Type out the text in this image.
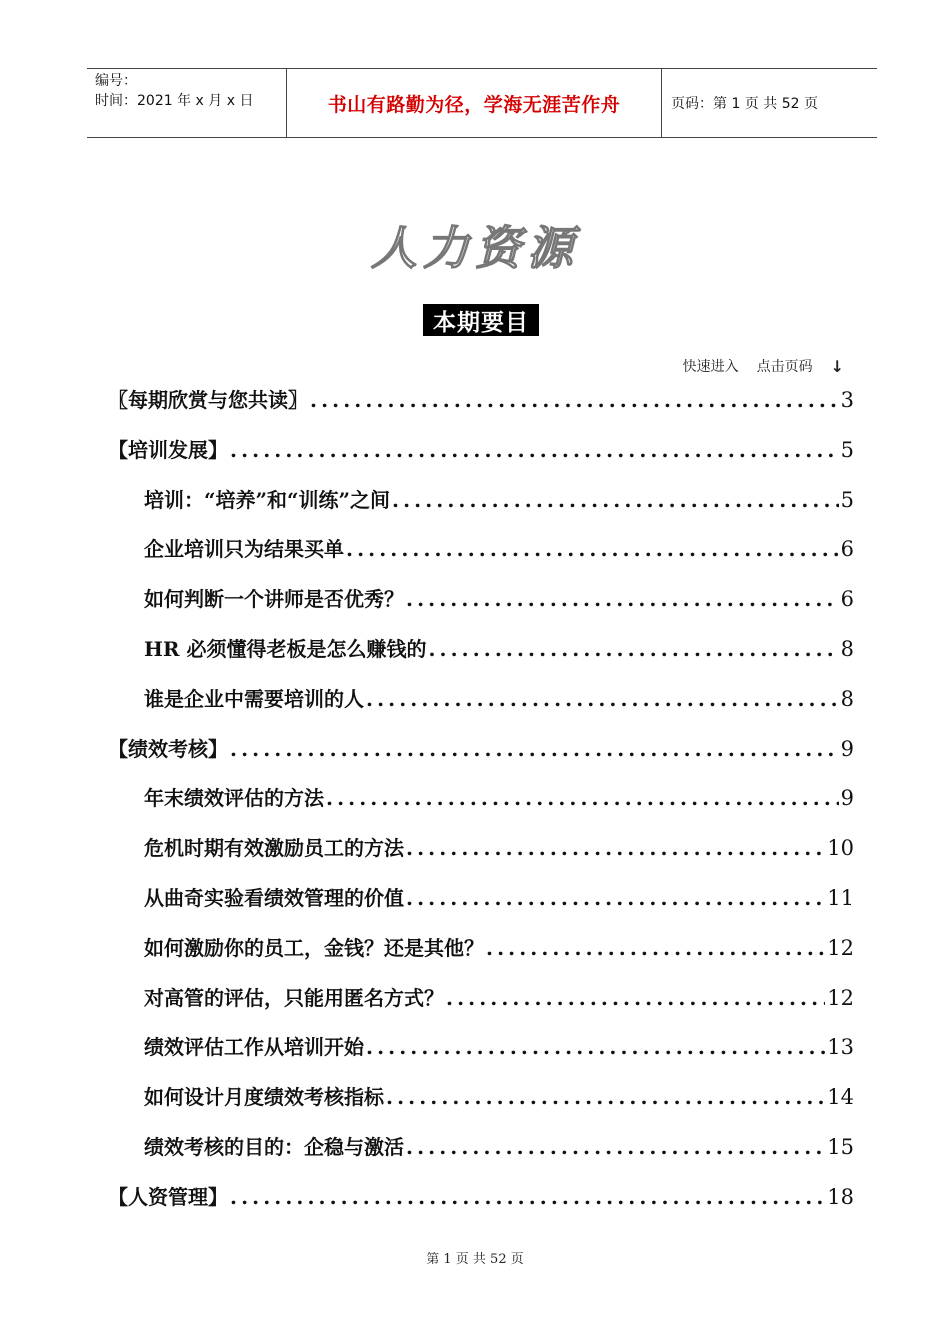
编号：
时间：2021 年 x 月 x 日	书山有路勤为径，学海无涯苦作舟	页码：第 1 页 共 52 页
人力资源
本期要目
快速进入 点击页码 ↓
〖每期欣赏与您共读〗 .....	3
【培训发展】 .....	5
培训：“培养”和“训练”之间 .....	5
企业培训只为结果买单 .....	6
如何判断一个讲师是否优秀？ .....	6
HR 必须懂得老板是怎么赚钱的 .....	8
谁是企业中需要培训的人 .....	8
【绩效考核】 .....	9
年末绩效评估的方法 .....	9
危机时期有效激励员工的方法 .....	10
从曲奇实验看绩效管理的价值 .....	11
如何激励你的员工，金钱？还是其他？ .....	12
对高管的评估，只能用匿名方式？ .....	12
绩效评估工作从培训开始 .....	13
如何设计月度绩效考核指标 .....	14
绩效考核的目的：企稳与激活 .....	15
【人资管理】 .....	18
第 1 页 共 52 页
